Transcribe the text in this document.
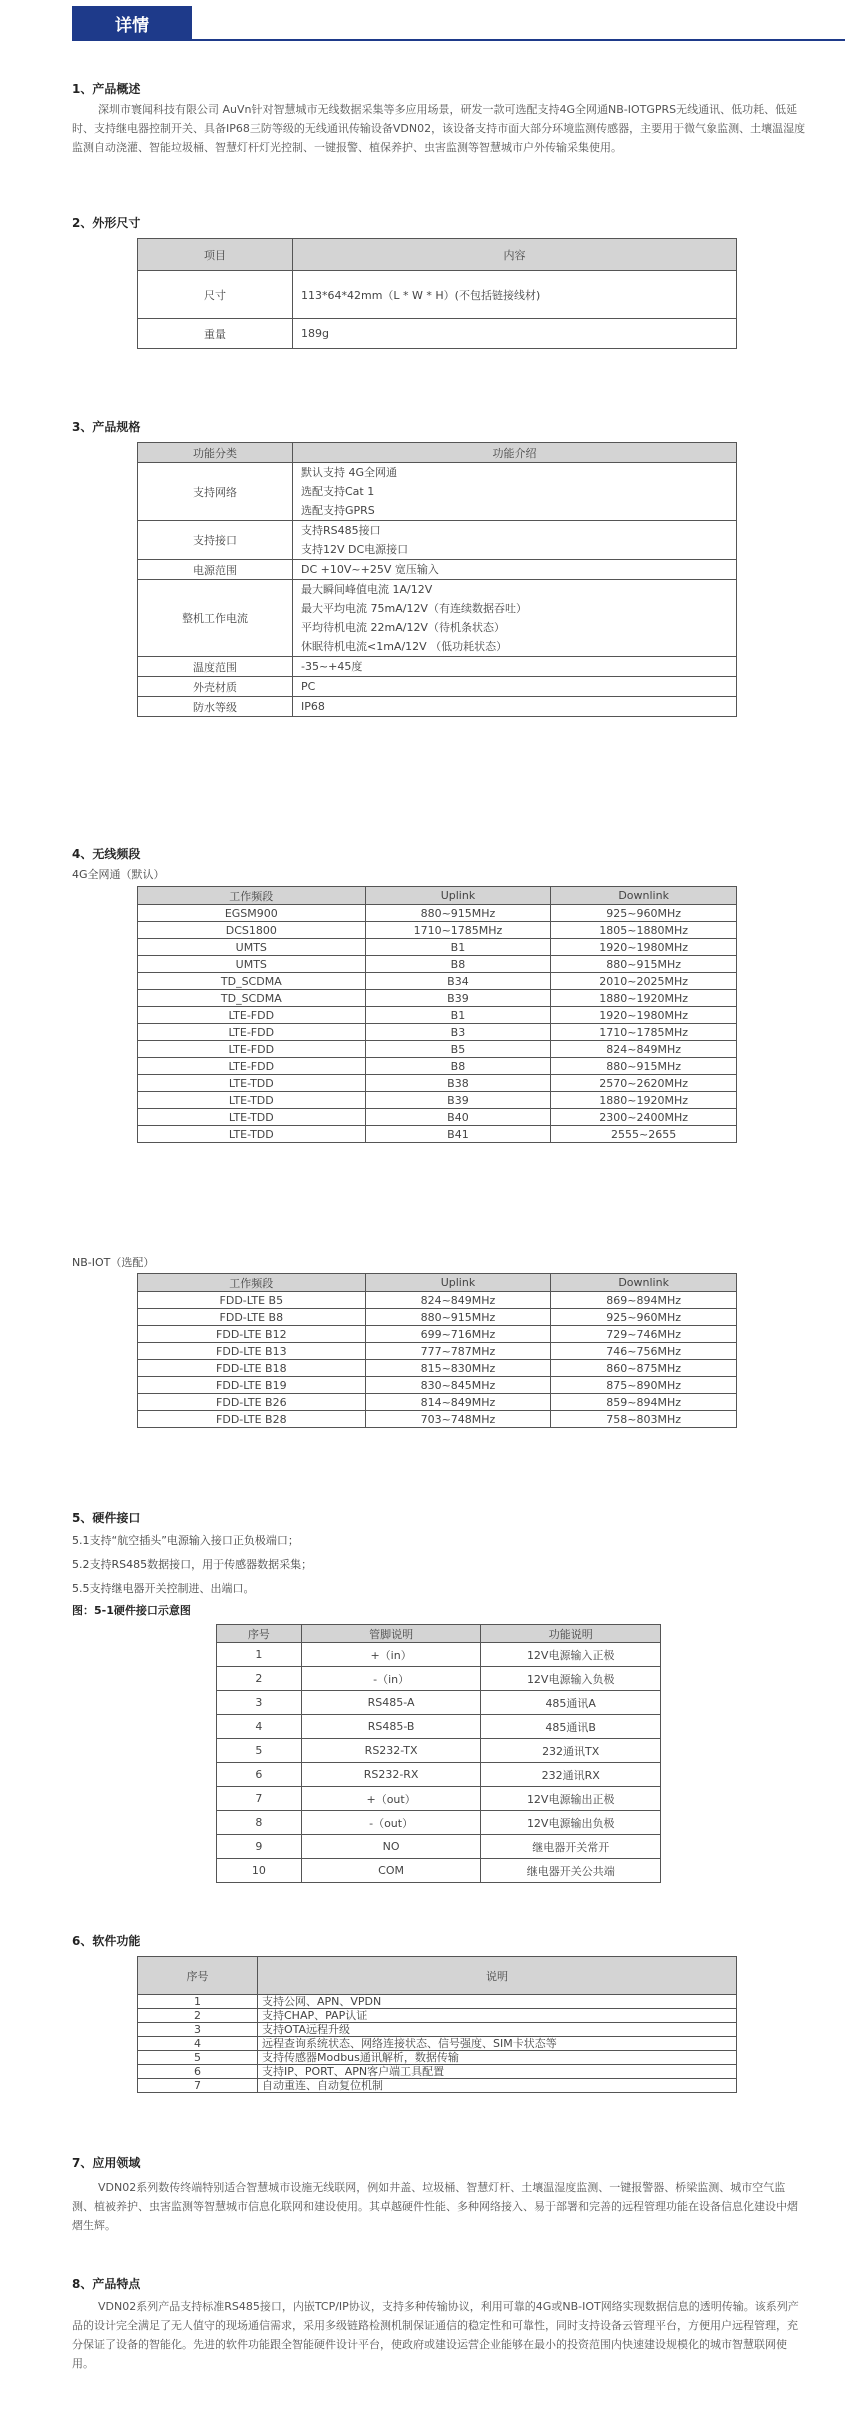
详情
1、产品概述

深圳市寰闻科技有限公司 AuVn针对智慧城市无线数据采集等多应用场景，研发一款可选配支持4G全网通NB-IOTGPRS无线通讯、低功耗、低延时、支持继电器控制开关、具备IP68三防等级的无线通讯传输设备VDN02，该设备支持市面大部分环境监测传感器，主要用于微气象监测、土壤温湿度监测自动浇灌、智能垃圾桶、智慧灯杆灯光控制、一键报警、植保养护、虫害监测等智慧城市户外传输采集使用。

2、外形尺寸
项目	内容
尺寸	113*64*42mm（L * W * H）(不包括链接线材)
重量	189g
3、产品规格
功能分类	功能介绍
支持网络	默认支持 4G全网通
选配支持Cat 1
选配支持GPRS

支持接口	支持RS485接口
支持12V DC电源接口

电源范围	DC +10V~+25V 宽压输入

整机工作电流	最大瞬间峰值电流 1A/12V
最大平均电流 75mA/12V（有连续数据吞吐）
平均待机电流 22mA/12V（待机条状态）
休眠待机电流<1mA/12V （低功耗状态）

温度范围	-35~+45度

外壳材质	PC

防水等级	IP68
4、无线频段
4G全网通（默认）
工作频段	Uplink	Downlink
EGSM900	880~915MHz	925~960MHz
DCS1800	1710~1785MHz	1805~1880MHz
UMTS	B1	1920~1980MHz
UMTS	B8	880~915MHz
TD_SCDMA	B34	2010~2025MHz
TD_SCDMA	B39	1880~1920MHz
LTE-FDD	B1	1920~1980MHz
LTE-FDD	B3	1710~1785MHz
LTE-FDD	B5	824~849MHz
LTE-FDD	B8	880~915MHz
LTE-TDD	B38	2570~2620MHz
LTE-TDD	B39	1880~1920MHz
LTE-TDD	B40	2300~2400MHz
LTE-TDD	B41	2555~2655
NB-IOT（选配）
工作频段	Uplink	Downlink
FDD-LTE B5	824~849MHz	869~894MHz
FDD-LTE B8	880~915MHz	925~960MHz
FDD-LTE B12	699~716MHz	729~746MHz
FDD-LTE B13	777~787MHz	746~756MHz
FDD-LTE B18	815~830MHz	860~875MHz
FDD-LTE B19	830~845MHz	875~890MHz
FDD-LTE B26	814~849MHz	859~894MHz
FDD-LTE B28	703~748MHz	758~803MHz
5、硬件接口
5.1支持“航空插头”电源输入接口正负极端口；
5.2支持RS485数据接口，用于传感器数据采集；
5.5支持继电器开关控制进、出端口。
图：5-1硬件接口示意图
序号	管脚说明	功能说明
1	+（in）	12V电源输入正极
2	-（in）	12V电源输入负极
3	RS485-A	485通讯A
4	RS485-B	485通讯B
5	RS232-TX	232通讯TX
6	RS232-RX	232通讯RX
7	+（out）	12V电源输出正极
8	-（out）	12V电源输出负极
9	NO	继电器开关常开
10	COM	继电器开关公共端
6、软件功能
序号	说明
1	支持公网、APN、VPDN
2	支持CHAP、PAP认证
3	支持OTA远程升级
4	远程查询系统状态、网络连接状态、信号强度、SIM卡状态等
5	支持传感器Modbus通讯解析，数据传输
6	支持IP、PORT、APN客户端工具配置
7	自动重连、自动复位机制
7、应用领域

VDN02系列数传终端特别适合智慧城市设施无线联网，例如井盖、垃圾桶、智慧灯杆、土壤温湿度监测、一键报警器、桥梁监测、城市空气监测、植被养护、虫害监测等智慧城市信息化联网和建设使用。其卓越硬件性能、多种网络接入、易于部署和完善的远程管理功能在设备信息化建设中熠熠生辉。

8、产品特点

VDN02系列产品支持标准RS485接口，内嵌TCP/IP协议，支持多种传输协议，利用可靠的4G或NB-IOT网络实现数据信息的透明传输。该系列产品的设计完全满足了无人值守的现场通信需求，采用多级链路检测机制保证通信的稳定性和可靠性，同时支持设备云管理平台，方便用户远程管理，充分保证了设备的智能化。先进的软件功能跟全智能硬件设计平台，使政府或建设运营企业能够在最小的投资范围内快速建设规模化的城市智慧联网使用。
